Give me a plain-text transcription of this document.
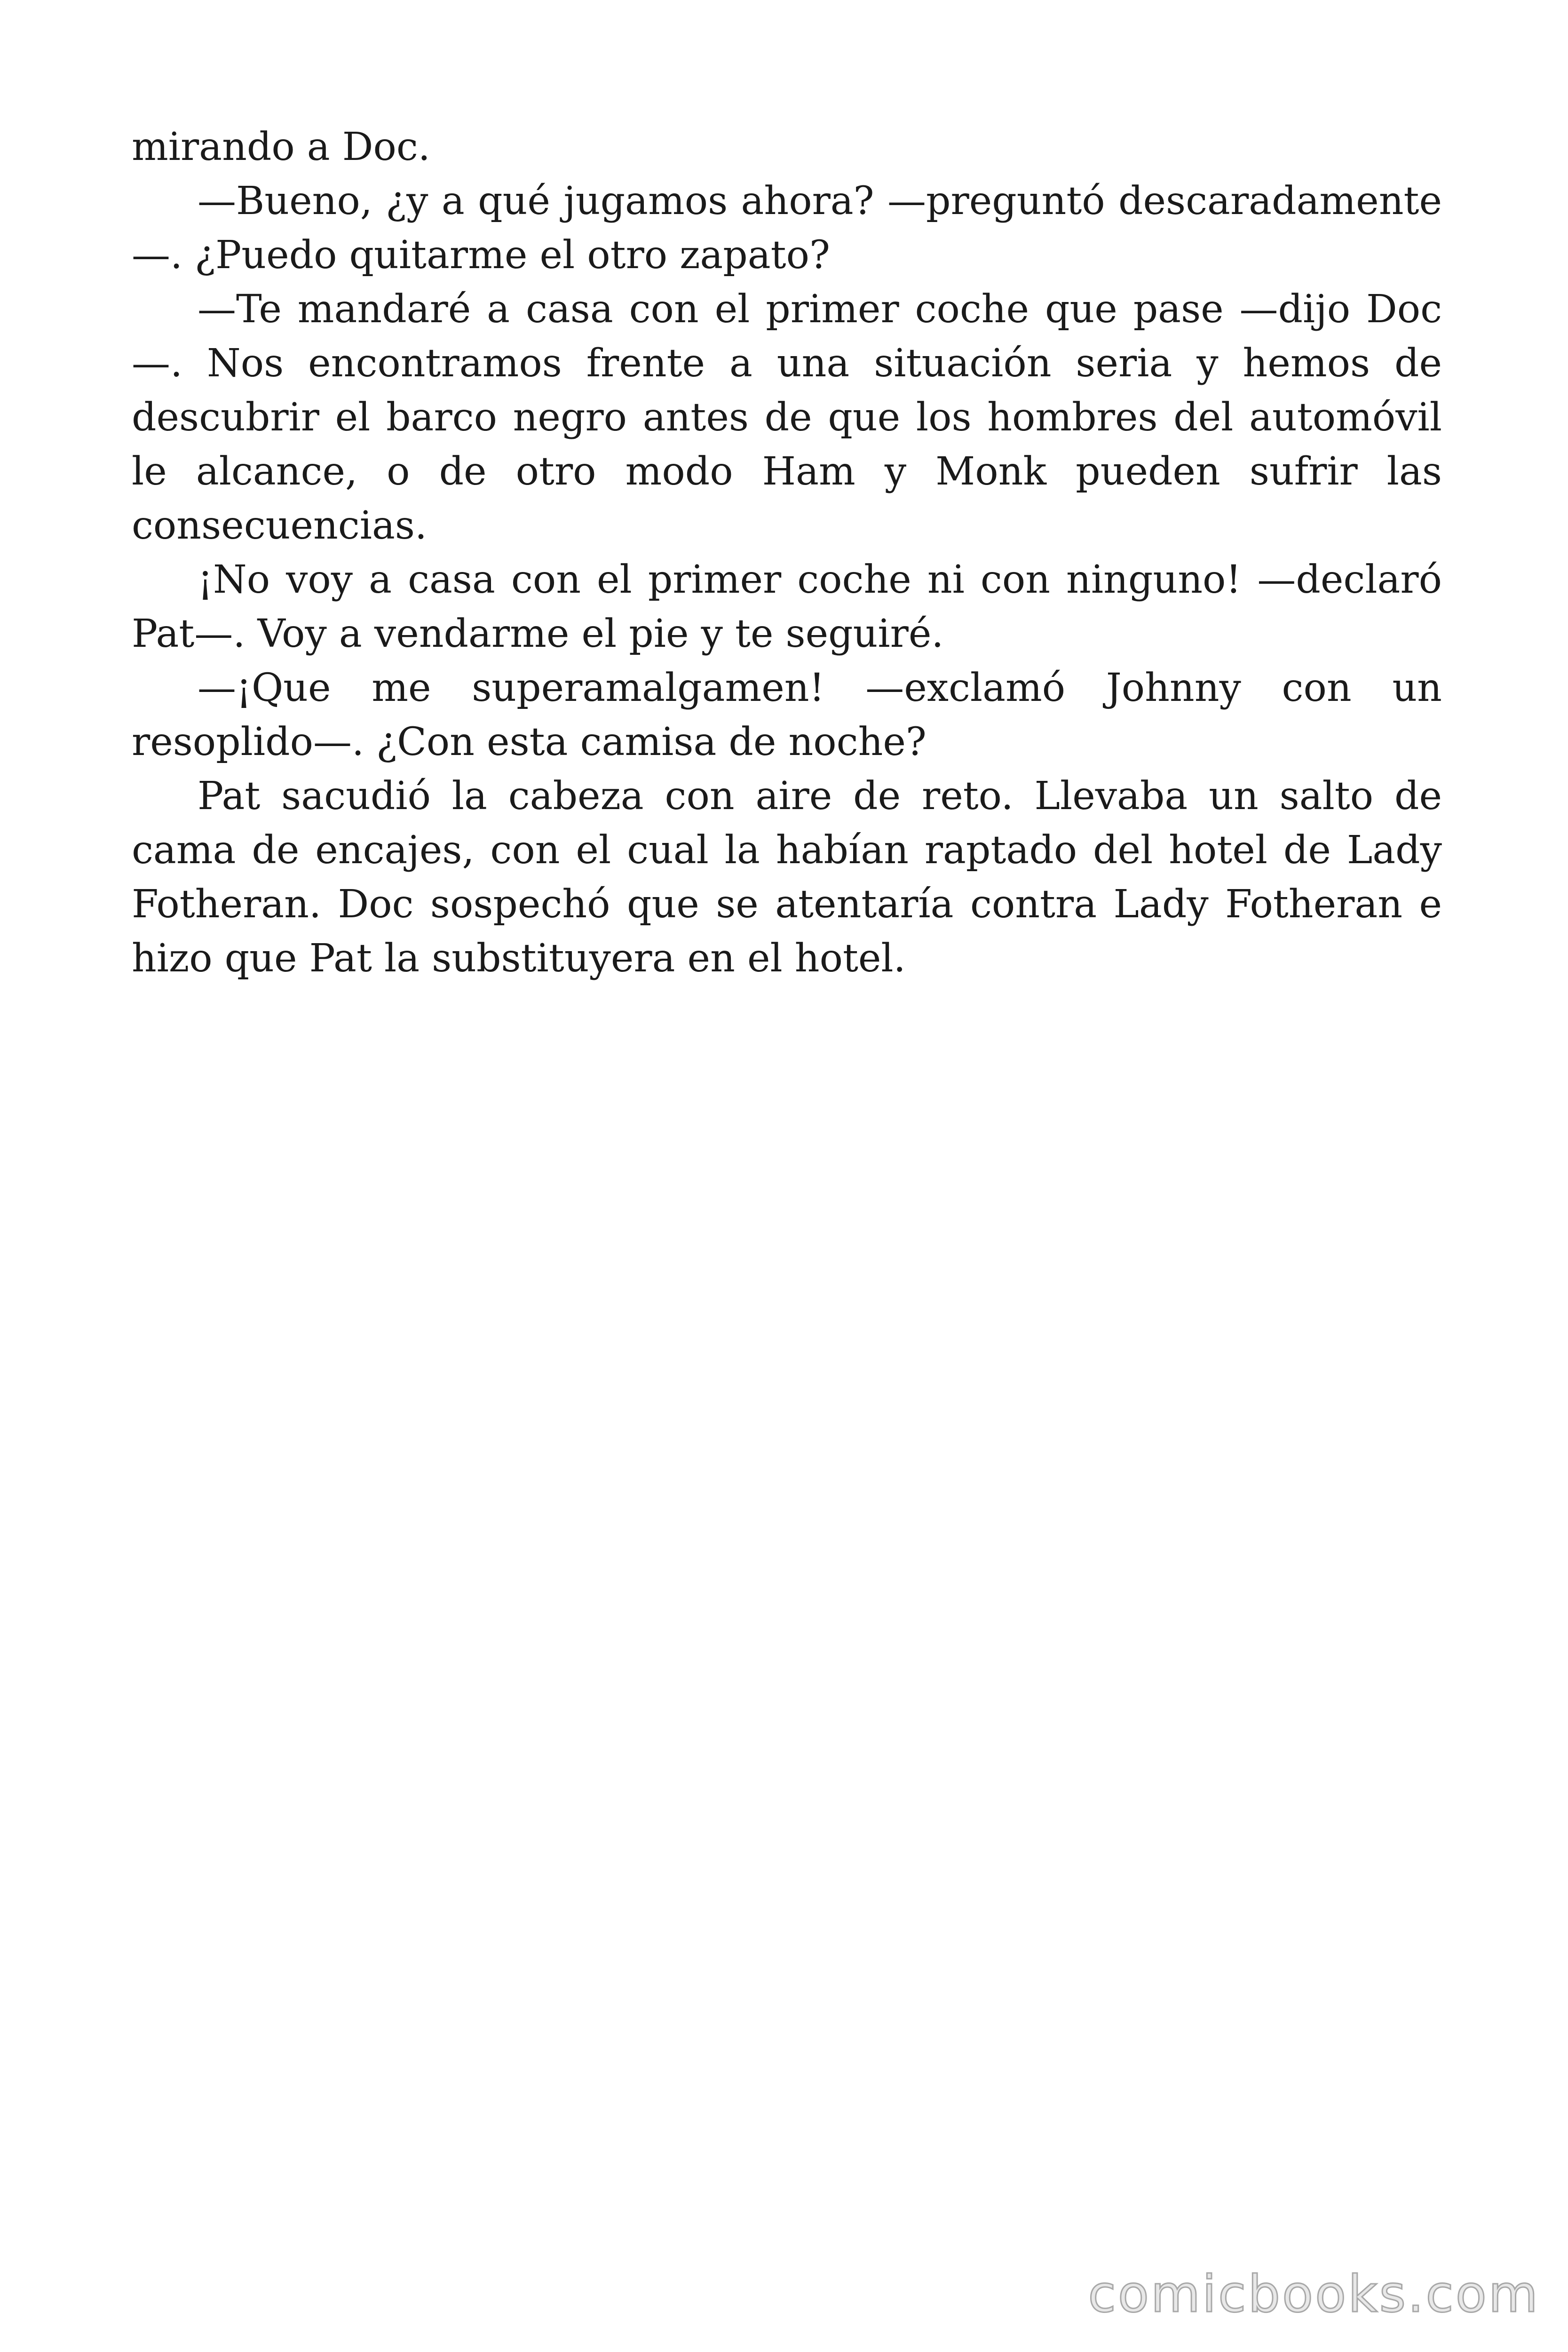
mirando a Doc.

—Bueno, ¿y a qué jugamos ahora? —preguntó descaradamente —. ¿Puedo quitarme el otro zapato?

—Te mandaré a casa con el primer coche que pase —dijo Doc—. Nos encontramos frente a una situación seria y hemos de descubrir el barco negro antes de que los hombres del automóvil le alcance, o de otro modo Ham y Monk pueden sufrir las consecuencias.

¡No voy a casa con el primer coche ni con ninguno! —declaró Pat—. Voy a vendarme el pie y te seguiré.

—¡Que me superamalgamen! —exclamó Johnny con un resoplido—. ¿Con esta camisa de noche?

Pat sacudió la cabeza con aire de reto. Llevaba un salto de cama de encajes, con el cual la habían raptado del hotel de Lady Fotheran. Doc sospechó que se atentaría contra Lady Fotheran e hizo que Pat la substituyera en el hotel.

comicbooks.com
